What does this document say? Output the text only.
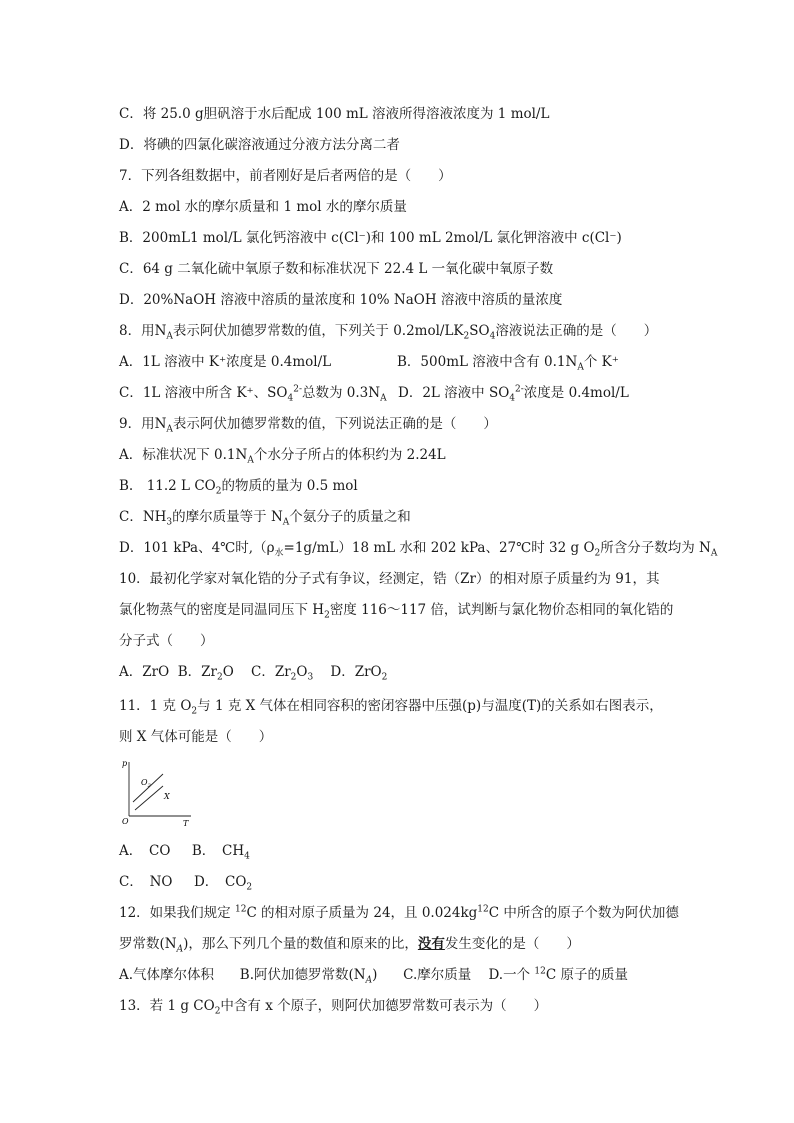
C．将 25.0 g胆矾溶于水后配成 100 mL 溶液所得溶液浓度为 1 mol/L
D．将碘的四氯化碳溶液通过分液方法分离二者
7．下列各组数据中，前者刚好是后者两倍的是（　　）
A．2 mol 水的摩尔质量和 1 mol 水的摩尔质量
B．200mL1 mol/L 氯化钙溶液中 c(Cl⁻)和 100 mL 2mol/L 氯化钾溶液中 c(Cl⁻)
C．64 g 二氧化硫中氧原子数和标准状况下 22.4 L 一氧化碳中氧原子数
D．20%NaOH 溶液中溶质的量浓度和 10% NaOH 溶液中溶质的量浓度
8．用$N_A$表示阿伏加德罗常数的值，下列关于 $0.2mol/LK_2SO_4$溶液说法正确的是（　　）
A．1L 溶液中 K⁺浓度是 0.4mol/L	B．500mL 溶液中含有 $0.1N_A$个 K⁺
C．1L 溶液中所含 K⁺、$SO_4^{2-}$总数为 $0.3N_A$ D．2L 溶液中 $SO_4^{2-}$浓度是 0.4mol/L
9．用$N_A$表示阿伏加德罗常数的值，下列说法正确的是（　　）
A．标准状况下 $0.1N_A$个水分子所占的体积约为 2.24L
B.　11.2 L $CO_2$的物质的量为 0.5 mol
C．$NH_3$的摩尔质量等于 $N_A$个氨分子的质量之和
D．101 kPa、4℃时$,(\rho_水=1g/mL)18$ mL 水和 202 kPa、27℃时 32 g $O_2$所含分子数均为 $N_A$
10．最初化学家对氧化锆的分子式有争议，经测定，锆（Zr）的相对原子质量约为 91，其
氯化物蒸气的密度是同温同压下 $H_2$密度 116～117 倍，试判断与氯化物价态相同的氧化锆的
分子式（　　）
A．ZrO B．$Zr_2O$ C．$Zr_2O_3$ D．ZrO$_2$
11．1 克 $O_2$与 1 克 X 气体在相同容积的密闭容器中压强(p)与温度(T)的关系如右图表示，
则 X 气体可能是（　　）
p
O	T
$O_2$
X
A．　CO B．　$CH_4$
C．　NO D．　$CO_2$
12．如果我们规定 $^{12}$C 的相对原子质量为 24，且 $0.024kg^{12}C$ 中所含的原子个数为阿伏加德
罗常数$(N_A)$，那么下列几个量的数值和原来的比，没有发生变化的是（　　）
A.气体摩尔体积 B.阿伏加德罗常数$(N_A)$ C.摩尔质量 D.一个 $^{12}$C 原子的质量
13．若 1 g $CO_2$中含有 x 个原子，则阿伏加德罗常数可表示为（　　）
